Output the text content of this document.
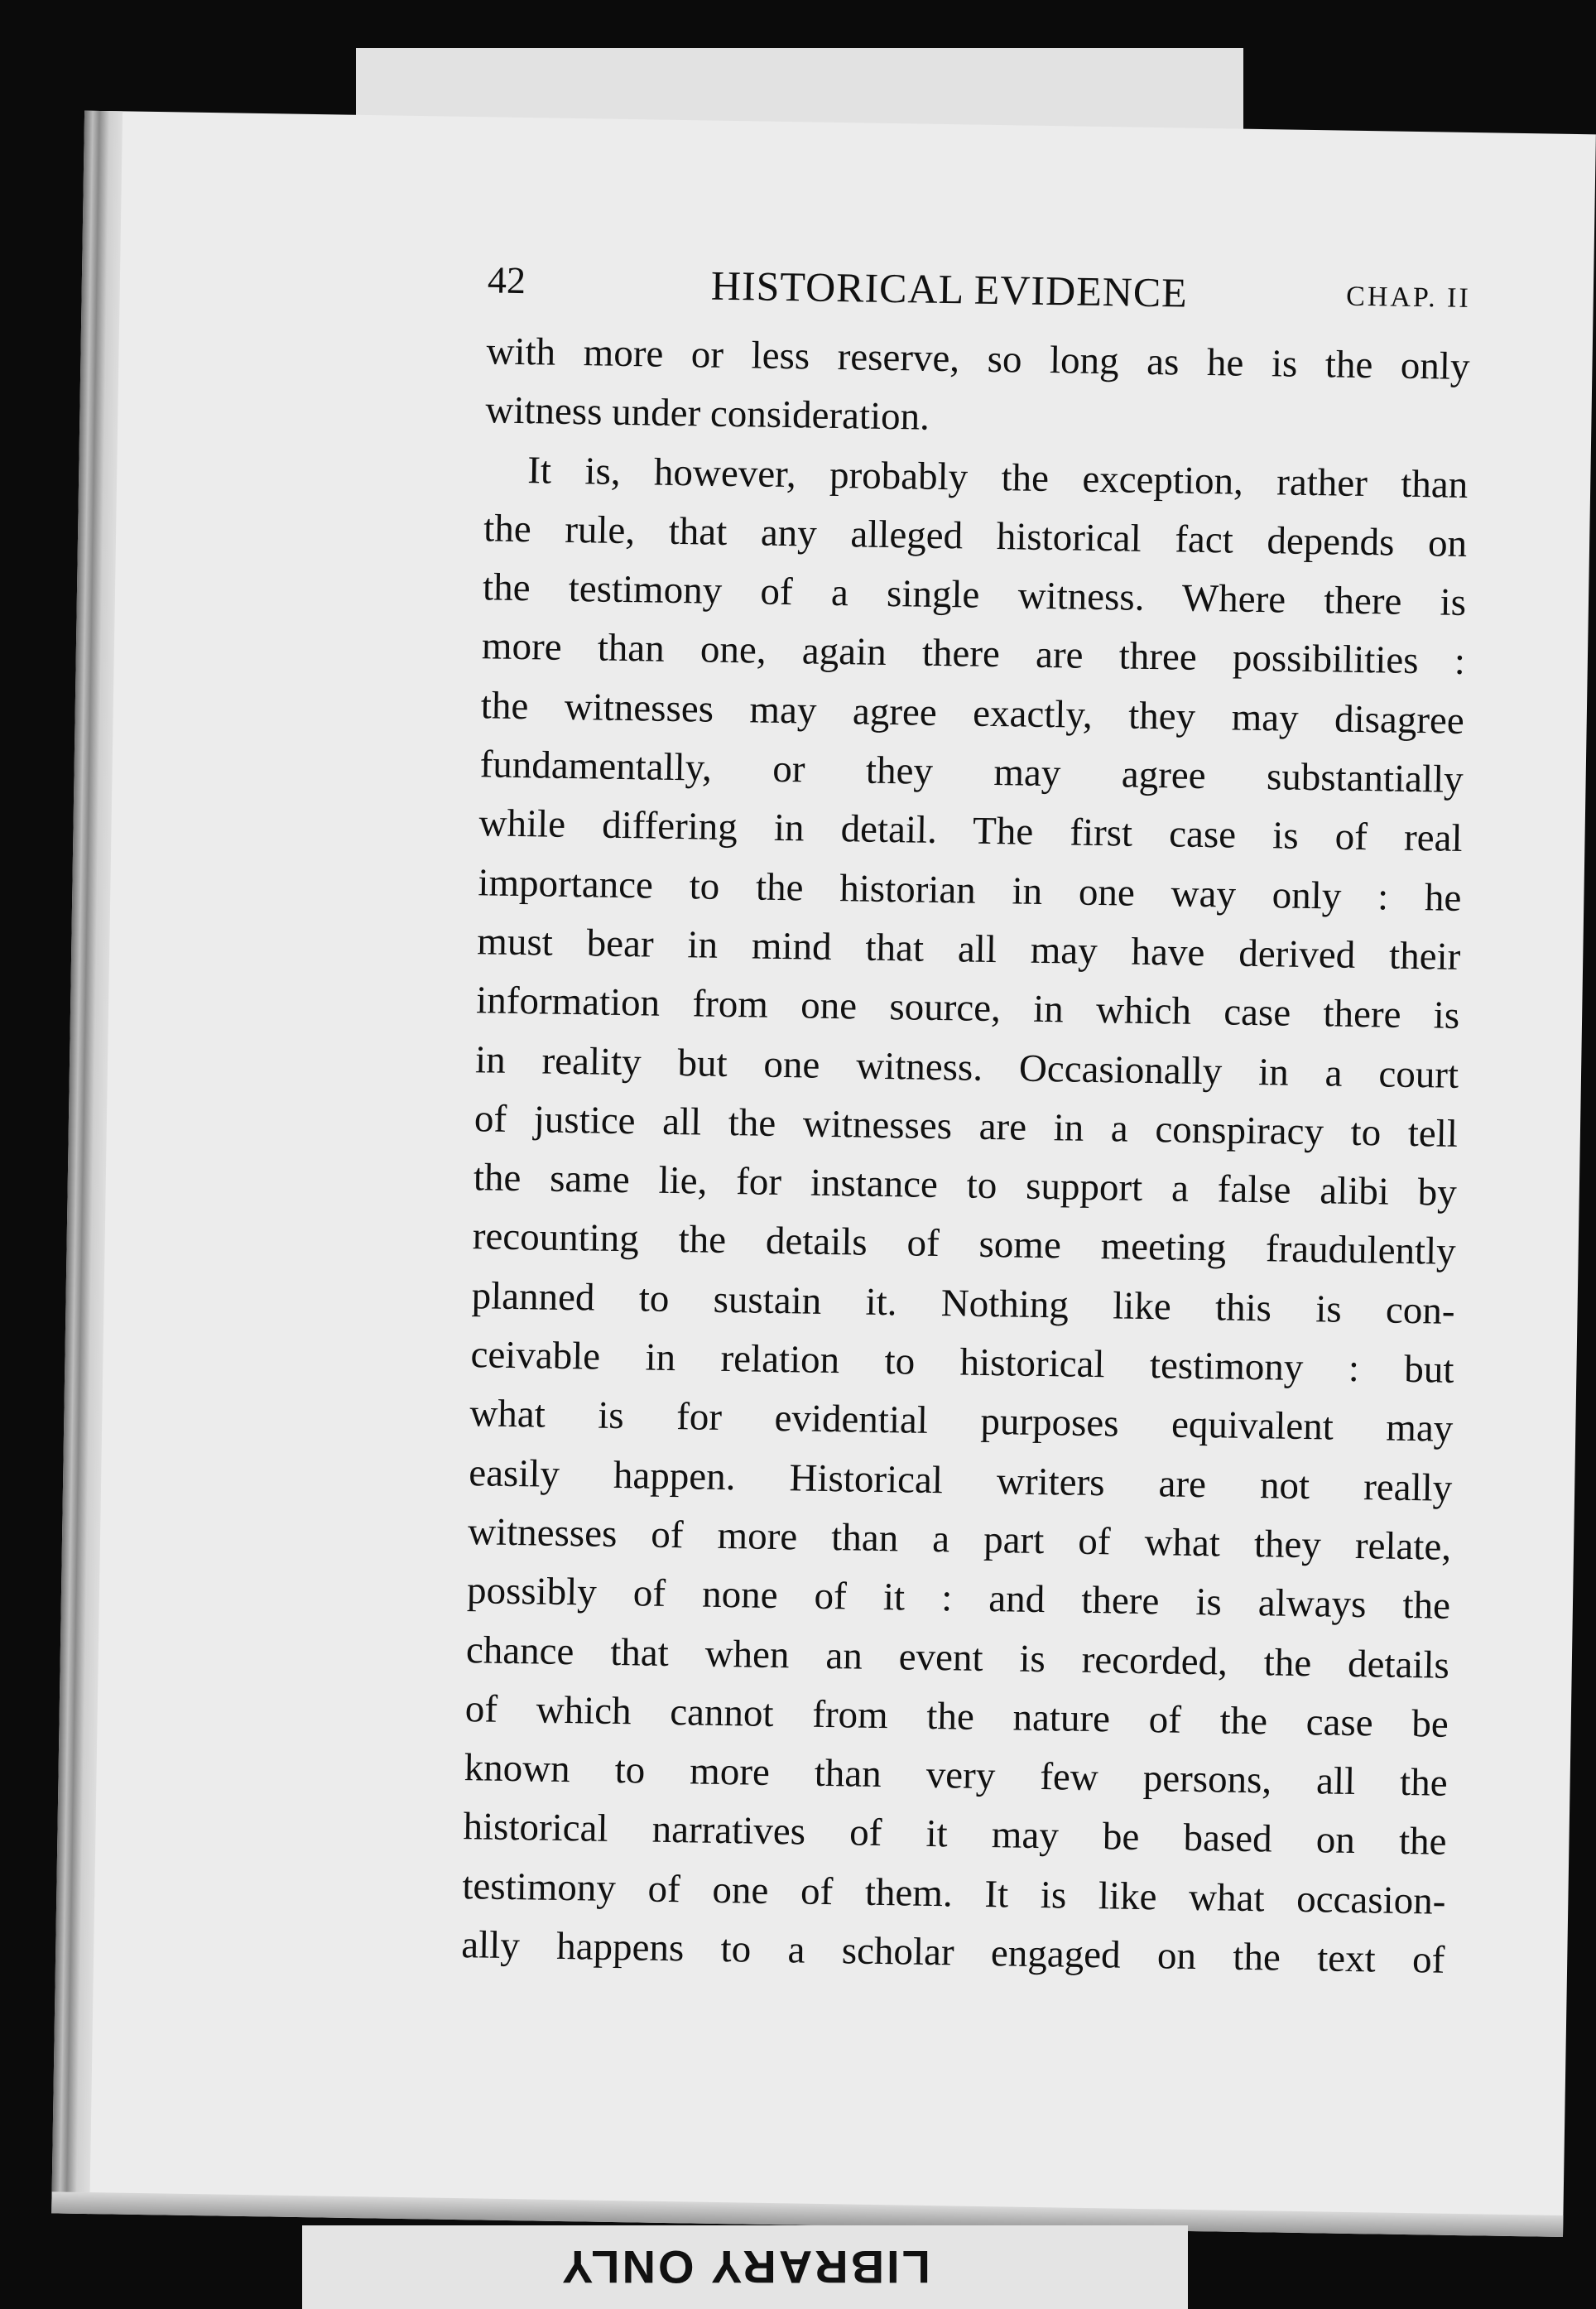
42	HISTORICAL EVIDENCE	CHAP. II
with more or less reserve, so long as he is the only
witness under consideration.
It is, however, probably the exception, rather than
the rule, that any alleged historical fact depends on
the testimony of a single witness. Where there is
more than one, again there are three possibilities :
the witnesses may agree exactly, they may disagree
fundamentally, or they may agree substantially
while differing in detail. The first case is of real
importance to the historian in one way only : he
must bear in mind that all may have derived their
information from one source, in which case there is
in reality but one witness. Occasionally in a court
of justice all the witnesses are in a conspiracy to tell
the same lie, for instance to support a false alibi by
recounting the details of some meeting fraudulently
planned to sustain it. Nothing like this is con-
ceivable in relation to historical testimony : but
what is for evidential purposes equivalent may
easily happen. Historical writers are not really
witnesses of more than a part of what they relate,
possibly of none of it : and there is always the
chance that when an event is recorded, the details
of which cannot from the nature of the case be
known to more than very few persons, all the
historical narratives of it may be based on the
testimony of one of them. It is like what occasion-
ally happens to a scholar engaged on the text of
LIBRARY ONLY
